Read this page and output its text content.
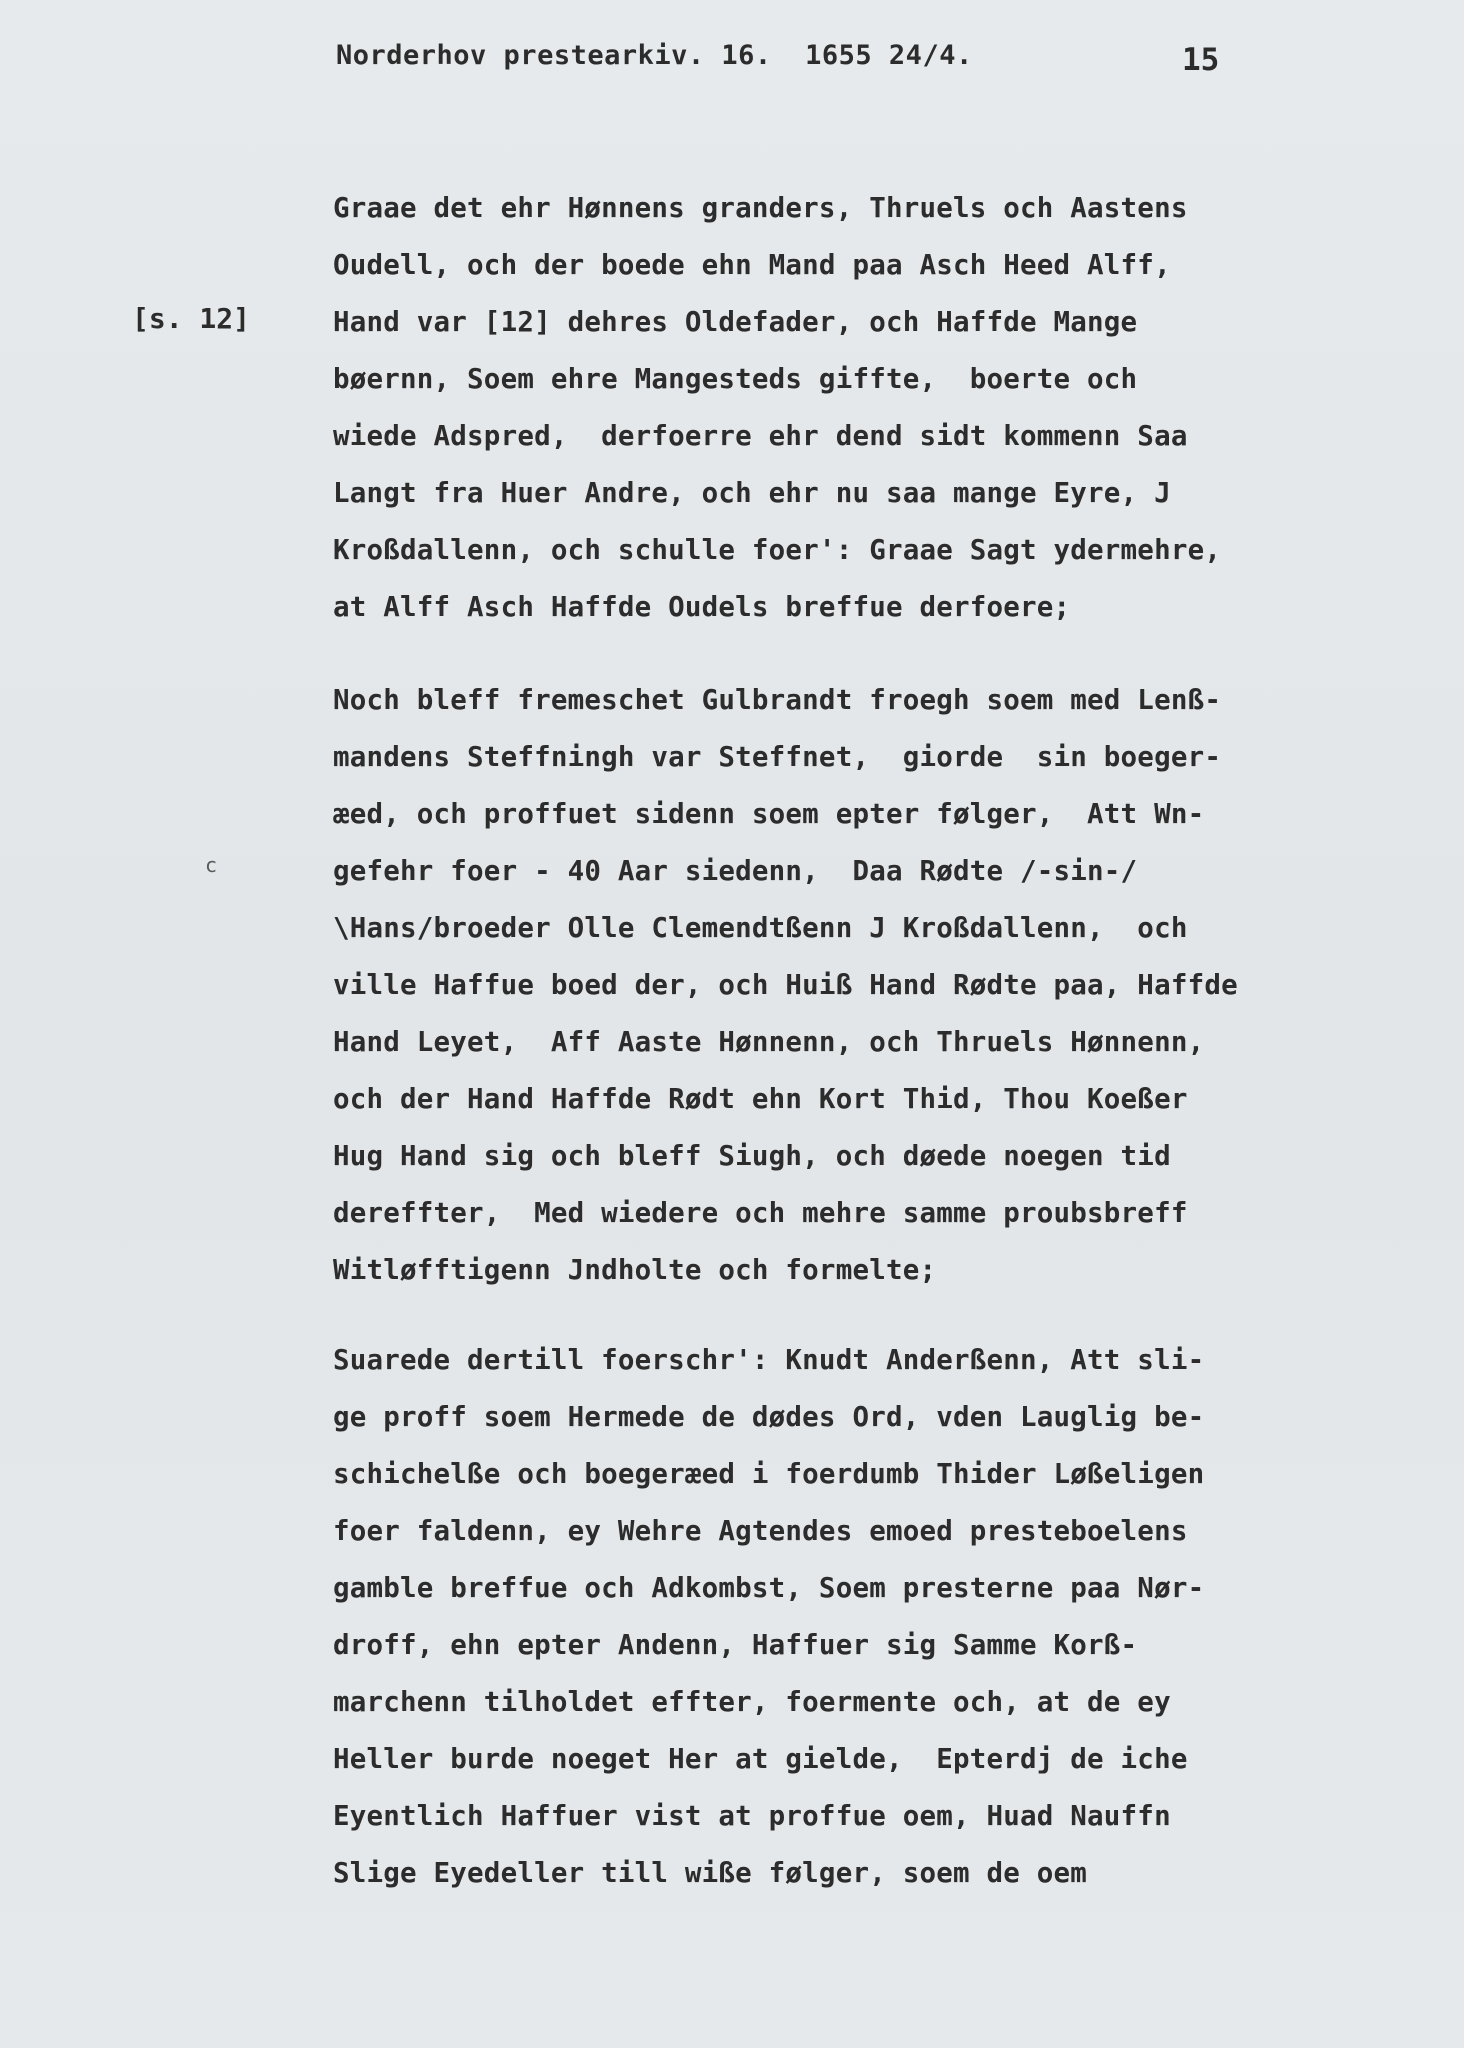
Norderhov prestearkiv. 16.  1655 24/4.	15
[s. 12]
c
Graae det ehr Hønnens granders, Thruels och Aastens
Oudell, och der boede ehn Mand paa Asch Heed Alff,
Hand var [12] dehres Oldefader, och Haffde Mange
bøernn, Soem ehre Mangesteds giffte,  boerte och
wiede Adspred,  derfoerre ehr dend sidt kommenn Saa
Langt fra Huer Andre, och ehr nu saa mange Eyre, J
Kroßdallenn, och schulle foer': Graae Sagt ydermehre,
at Alff Asch Haffde Oudels breffue derfoere;
Noch bleff fremeschet Gulbrandt froegh soem med Lenß-
mandens Steffningh var Steffnet,  giorde  sin boeger-
æed, och proffuet sidenn soem epter følger,  Att Wn-
gefehr foer - 40 Aar siedenn,  Daa Rødte /-sin-/
\Hans/broeder Olle Clemendtßenn J Kroßdallenn,  och
ville Haffue boed der, och Huiß Hand Rødte paa, Haffde
Hand Leyet,  Aff Aaste Hønnenn, och Thruels Hønnenn,
och der Hand Haffde Rødt ehn Kort Thid, Thou Koeßer
Hug Hand sig och bleff Siugh, och døede noegen tid
dereffter,  Med wiedere och mehre samme proubsbreff
Witløfftigenn Jndholte och formelte;
Suarede dertill foerschr': Knudt Anderßenn, Att sli-
ge proff soem Hermede de dødes Ord, vden Lauglig be-
schichelße och boegeræed i foerdumb Thider Løßeligen
foer faldenn, ey Wehre Agtendes emoed presteboelens
gamble breffue och Adkombst, Soem presterne paa Nør-
droff, ehn epter Andenn, Haffuer sig Samme Korß-
marchenn tilholdet effter, foermente och, at de ey
Heller burde noeget Her at gielde,  Epterdj de iche
Eyentlich Haffuer vist at proffue oem, Huad Nauffn
Slige Eyedeller till wiße følger, soem de oem
